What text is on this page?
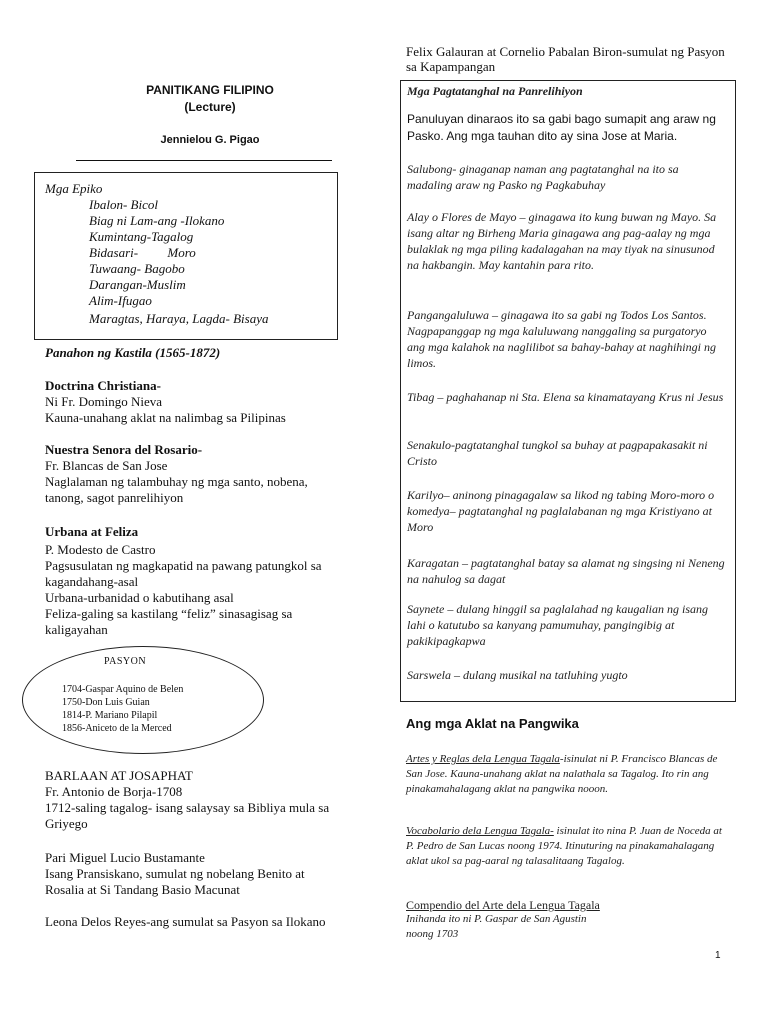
PANITIKANG FILIPINO
(Lecture)
Jennielou G. Pigao
Mga Epiko
Ibalon- Bicol
Biag ni Lam-ang -Ilokano
Kumintang-Tagalog
Bidasari-         Moro
Tuwaang- Bagobo
Darangan-Muslim
Alim-Ifugao
Maragtas, Haraya, Lagda- Bisaya
Panahon ng Kastila (1565-1872)
Doctrina Christiana-
Ni Fr. Domingo Nieva
Kauna-unahang aklat na nalimbag sa Pilipinas
Nuestra Senora del Rosario-
Fr. Blancas de San Jose
Naglalaman ng talambuhay ng mga santo, nobena, tanong, sagot panrelihiyon
Urbana at Feliza
P. Modesto de Castro
Pagsusulatan ng magkapatid na pawang patungkol sa kagandahang-asal
Urbana-urbanidad o kabutihang asal
Feliza-galing sa kastilang “feliz” sinasagisag sa kaligayahan
PASYON
1704-Gaspar Aquino de Belen
1750-Don Luis Guian
1814-P. Mariano Pilapil
1856-Aniceto de la Merced
BARLAAN AT JOSAPHAT
Fr. Antonio de Borja-1708
1712-saling tagalog- isang salaysay sa Bibliya mula sa Griyego
Pari Miguel Lucio Bustamante
Isang Pransiskano, sumulat ng nobelang Benito at Rosalia at Si Tandang Basio Macunat
Leona Delos Reyes-ang sumulat sa Pasyon sa Ilokano
Felix Galauran at Cornelio Pabalan Biron-sumulat ng Pasyon sa Kapampangan
Mga Pagtatanghal na Panrelihiyon
Panuluyan dinaraos ito sa gabi bago sumapit ang araw ng Pasko. Ang mga tauhan dito ay sina Jose at Maria.
Salubong- ginaganap naman ang pagtatanghal na ito sa madaling araw ng Pasko ng Pagkabuhay
Alay o Flores de Mayo – ginagawa ito kung buwan ng Mayo. Sa isang altar ng Birheng Maria ginagawa ang pag-aalay ng mga bulaklak ng mga piling kadalagahan na may tiyak na sinusunod na hakbangin. May kantahin para rito.
Pangangaluluwa – ginagawa ito sa gabi ng Todos Los Santos. Nagpapanggap ng mga kaluluwang nanggaling sa purgatoryo ang mga kalahok na naglilibot sa bahay-bahay at naghihingi ng limos.
Tibag – paghahanap ni Sta. Elena sa kinamatayang Krus ni Jesus
Senakulo-pagtatanghal tungkol sa buhay at pagpapakasakit ni Cristo
Karilyo– aninong pinagagalaw sa likod ng tabing Moro-moro o komedya– pagtatanghal ng paglalabanan ng mga Kristiyano at Moro
Karagatan – pagtatanghal batay sa alamat ng singsing ni Neneng na nahulog sa dagat
Saynete – dulang hinggil sa paglalahad ng kaugalian ng isang lahi o katutubo sa kanyang pamumuhay, pangingibig at pakikipagkapwa
Sarswela – dulang musikal na tatluhing yugto
Ang mga Aklat na Pangwika
Artes y Reglas dela Lengua Tagala-isinulat ni P. Francisco Blancas de San Jose. Kauna-unahang aklat na nalathala sa Tagalog. Ito rin ang pinakamahalagang aklat na pangwika nooon.
Vocabolario dela Lengua Tagala- isinulat ito nina P. Juan de Noceda at P. Pedro de San Lucas noong 1974. Itinuturing na pinakamahalagang aklat ukol sa pag-aaral ng talasalitaang Tagalog.
Compendio del Arte dela Lengua Tagala
Inihanda ito ni P. Gaspar de San Agustin
noong 1703
1
